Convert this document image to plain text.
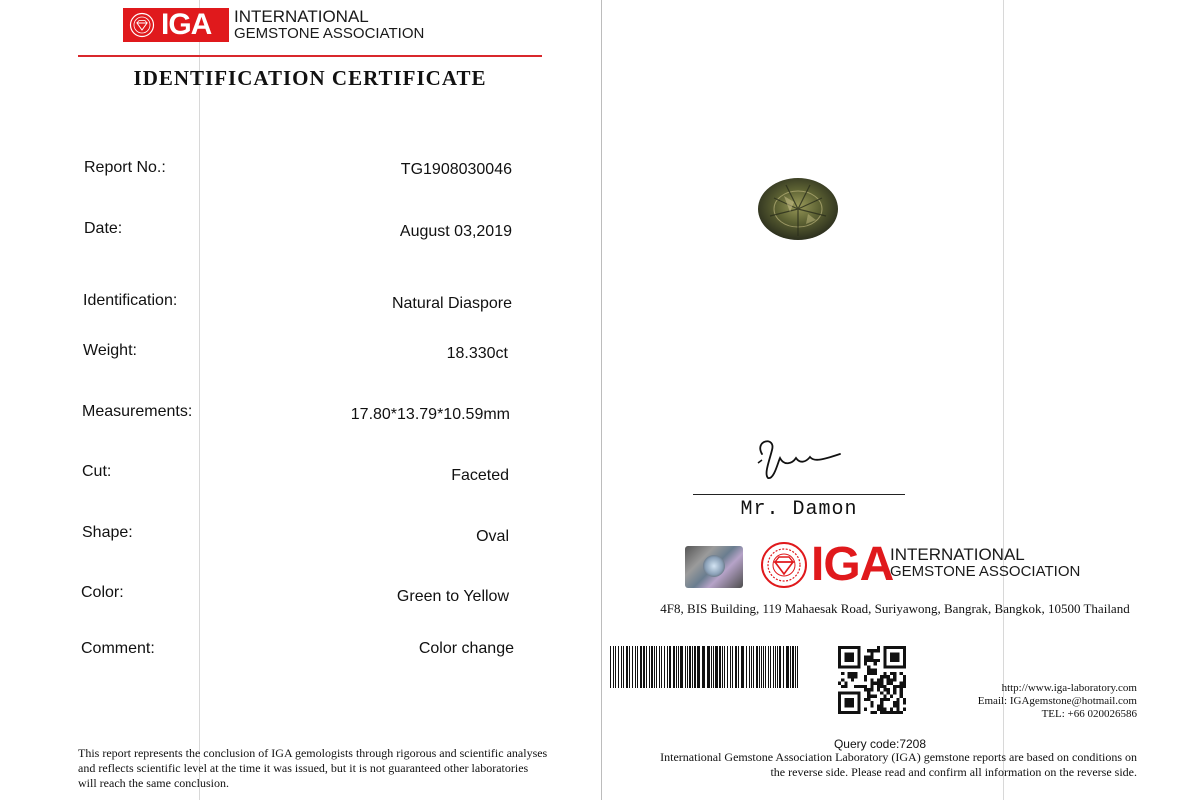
IGA INTERNATIONAL
GEMSTONE ASSOCIATION
IDENTIFICATION CERTIFICATE
Report No.:	TG1908030046
Date:	August 03,2019
Identification:	Natural Diaspore
Weight:	18.330ct
Measurements:	17.80*13.79*10.59mm
Cut:	Faceted
Shape:	Oval
Color:	Green to Yellow
Comment:	Color change
This report represents the conclusion of IGA gemologists through rigorous and scientific analyses and reflects scientific level at the time it was issued, but it is not guaranteed other laboratories will reach the same conclusion.
Mr. Damon
IGA
INTERNATIONAL
GEMSTONE ASSOCIATION
4F8, BIS Building, 119 Mahaesak Road, Suriyawong, Bangrak, Bangkok, 10500 Thailand
http://www.iga-laboratory.com
Email: IGAgemstone@hotmail.com
TEL: +66 020026586
Query code:7208
International Gemstone Association Laboratory (IGA) gemstone reports are based on conditions on the reverse side. Please read and confirm all information on the reverse side.
